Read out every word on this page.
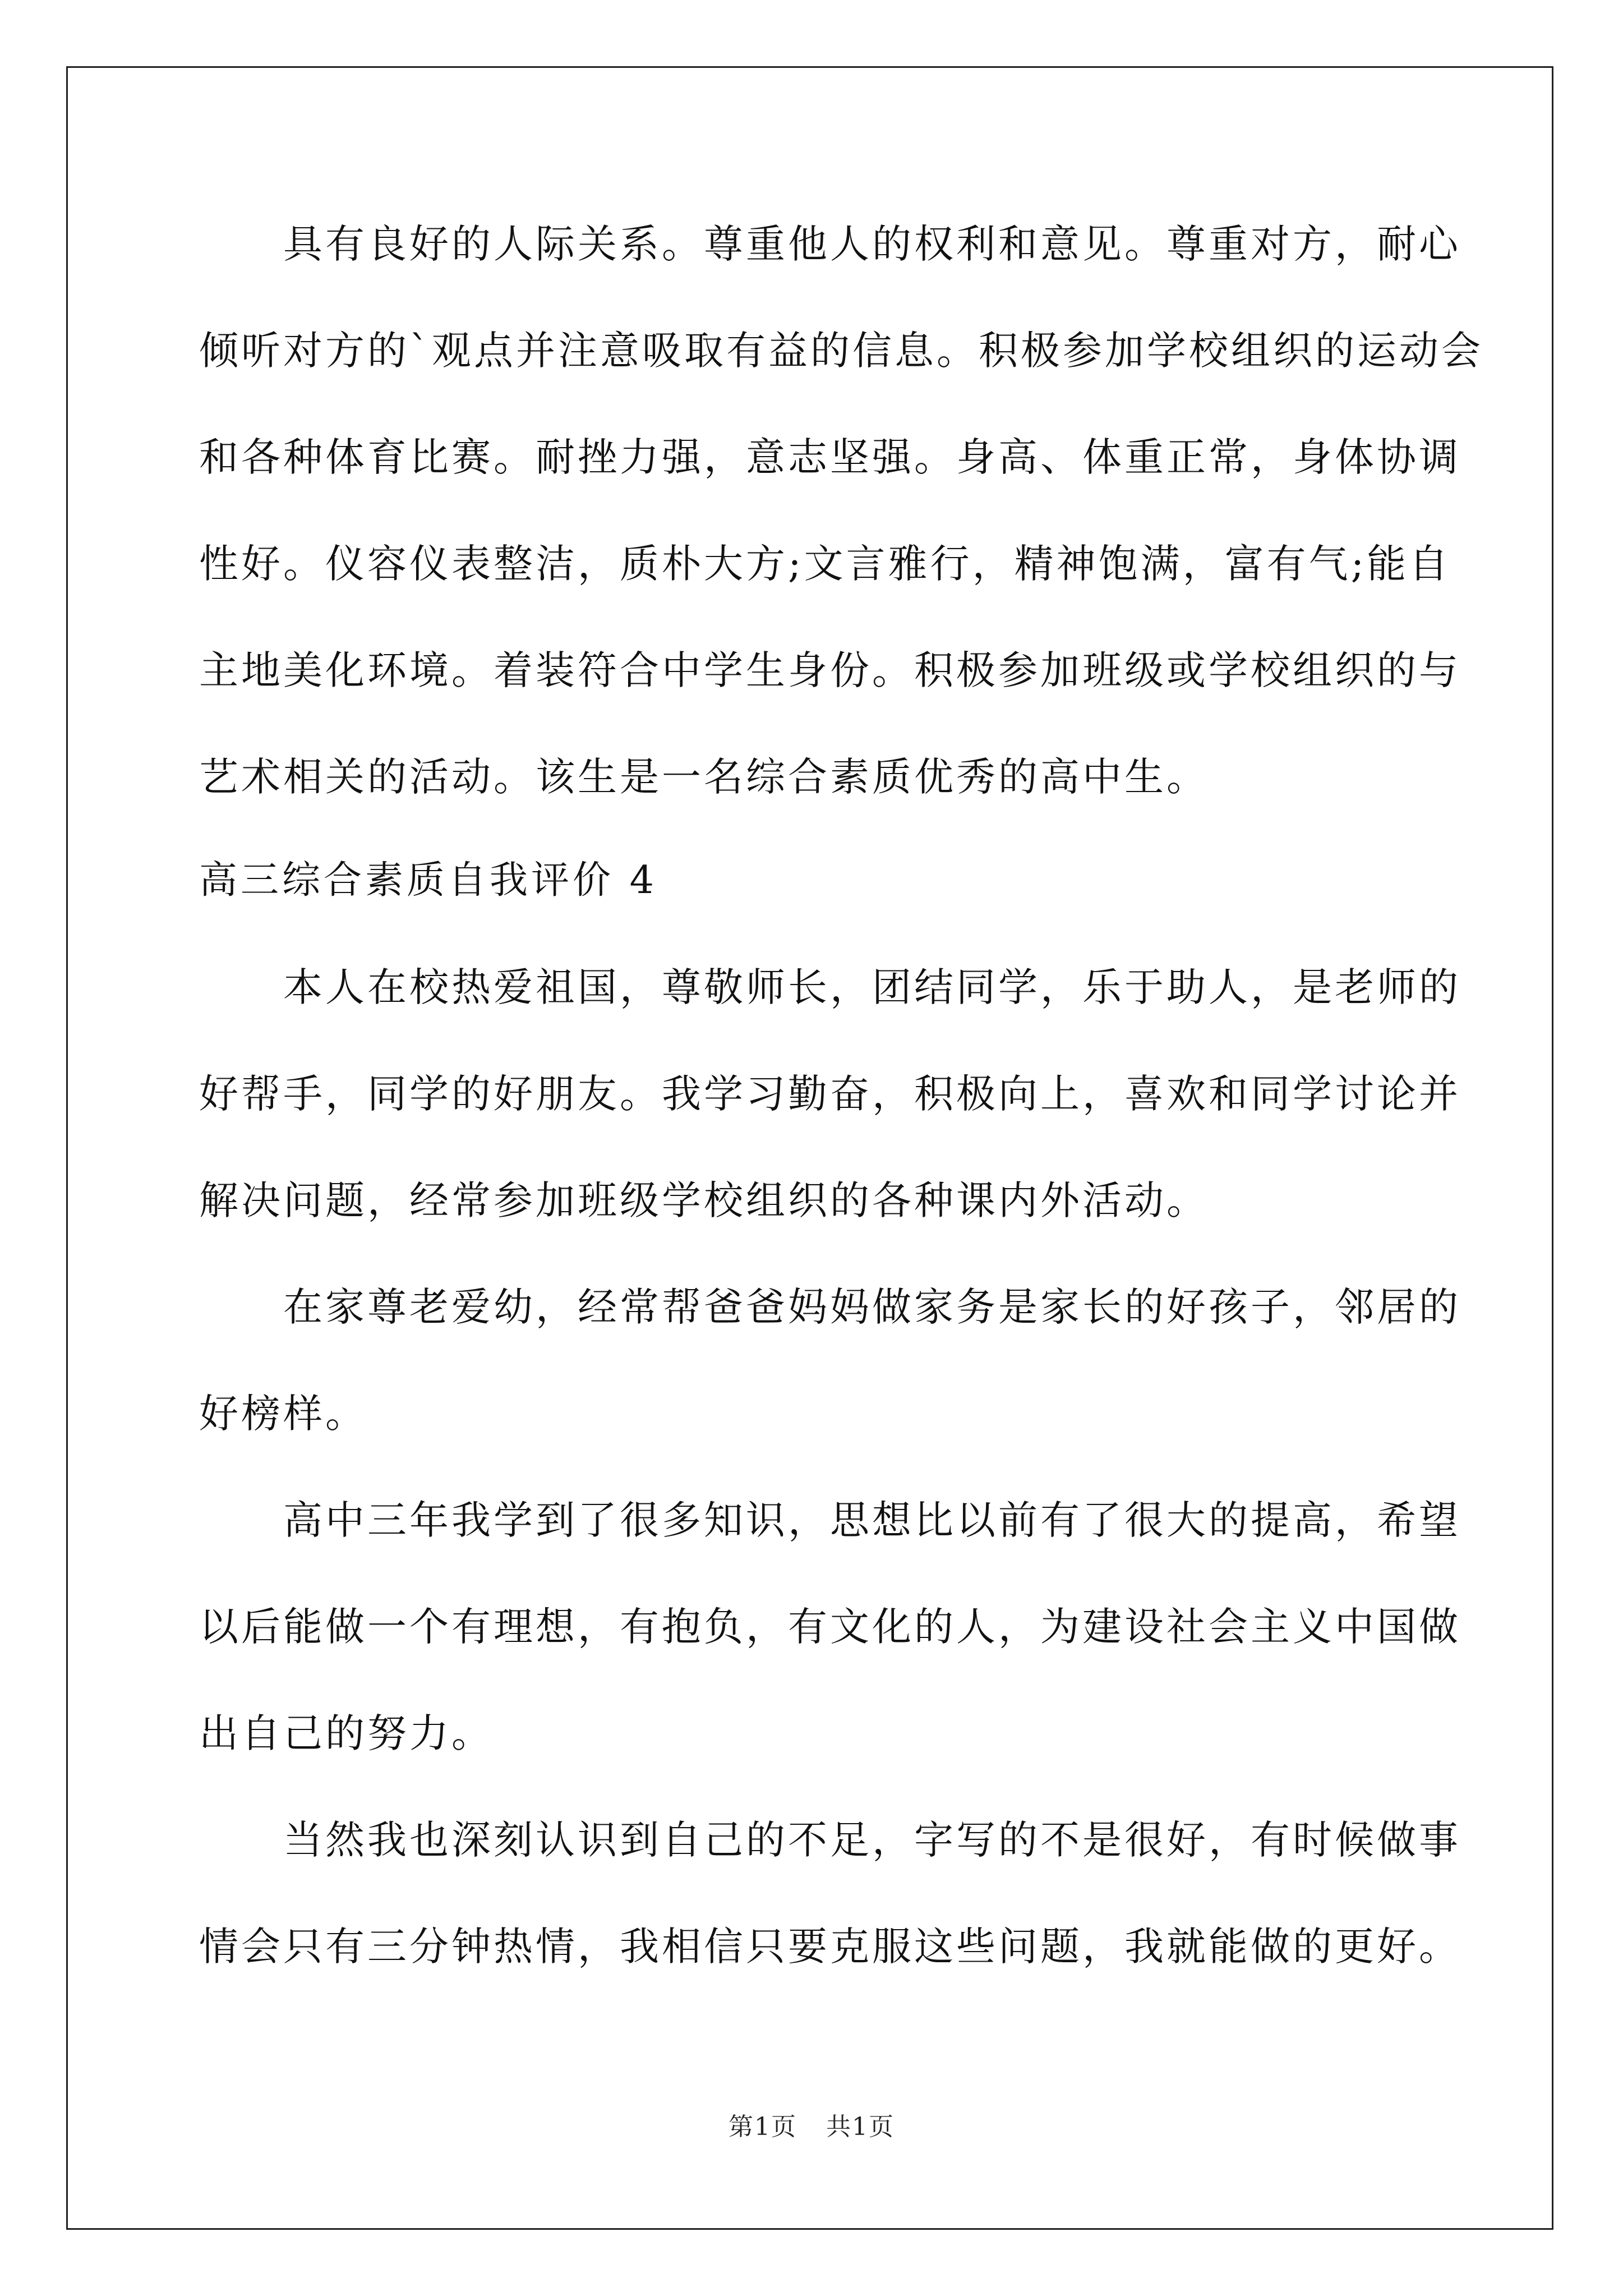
具有良好的人际关系。尊重他人的权利和意见。尊重对方，耐心
倾听对方的`观点并注意吸取有益的信息。积极参加学校组织的运动会
和各种体育比赛。耐挫力强，意志坚强。身高、体重正常，身体协调
性好。仪容仪表整洁，质朴大方;文言雅行，精神饱满，富有气;能自
主地美化环境。着装符合中学生身份。积极参加班级或学校组织的与
艺术相关的活动。该生是一名综合素质优秀的高中生。
高三综合素质自我评价 4
本人在校热爱祖国，尊敬师长，团结同学，乐于助人，是老师的
好帮手，同学的好朋友。我学习勤奋，积极向上，喜欢和同学讨论并
解决问题，经常参加班级学校组织的各种课内外活动。
在家尊老爱幼，经常帮爸爸妈妈做家务是家长的好孩子，邻居的
好榜样。
高中三年我学到了很多知识，思想比以前有了很大的提高，希望
以后能做一个有理想，有抱负，有文化的人，为建设社会主义中国做
出自己的努力。
当然我也深刻认识到自己的不足，字写的不是很好，有时候做事
情会只有三分钟热情，我相信只要克服这些问题，我就能做的更好。
第1页 共1页
